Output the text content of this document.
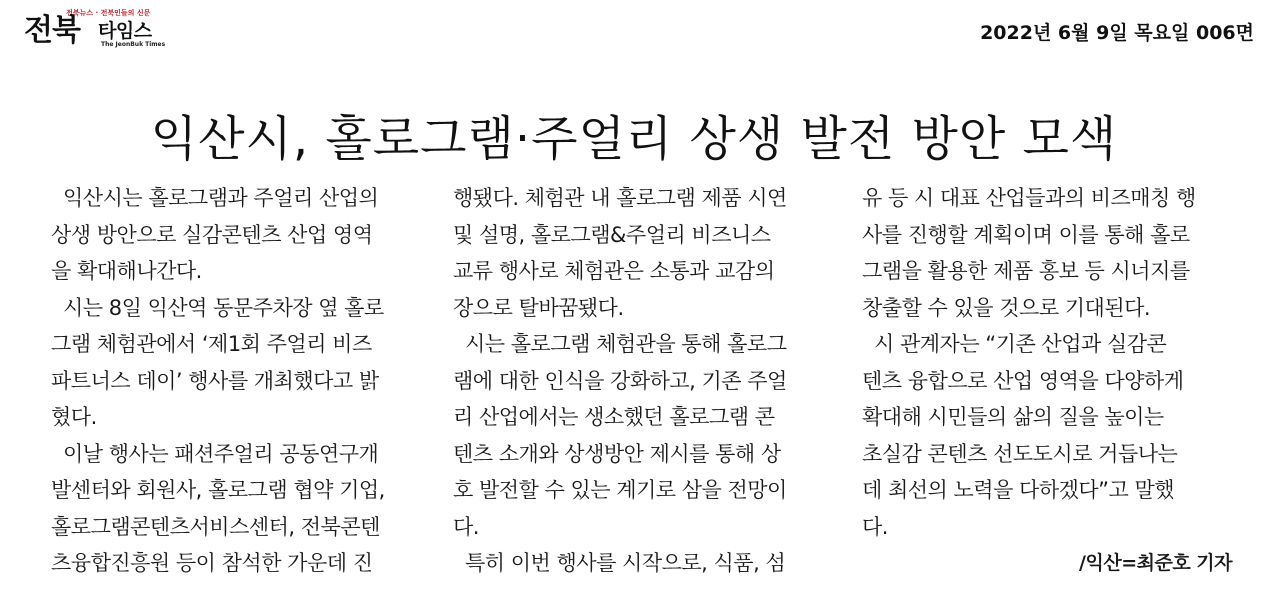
전북뉴스 · 전북인들의 신문
전북 타임스
The JeonBuk Times
2022년 6월 9일 목요일 006면
익산시, 홀로그램·주얼리 상생 발전 방안 모색
익산시는 홀로그램과 주얼리 산업의
상생 방안으로 실감콘텐츠 산업 영역
을 확대해나간다.
시는 8일 익산역 동문주차장 옆 홀로
그램 체험관에서 ‘제1회 주얼리 비즈
파트너스 데이’ 행사를 개최했다고 밝
혔다.
이날 행사는 패션주얼리 공동연구개
발센터와 회원사, 홀로그램 협약 기업,
홀로그램콘텐츠서비스센터, 전북콘텐
츠융합진흥원 등이 참석한 가운데 진
행됐다. 체험관 내 홀로그램 제품 시연
및 설명, 홀로그램&주얼리 비즈니스
교류 행사로 체험관은 소통과 교감의
장으로 탈바꿈됐다.
시는 홀로그램 체험관을 통해 홀로그
램에 대한 인식을 강화하고, 기존 주얼
리 산업에서는 생소했던 홀로그램 콘
텐츠 소개와 상생방안 제시를 통해 상
호 발전할 수 있는 계기로 삼을 전망이
다.
특히 이번 행사를 시작으로, 식품, 섬
유 등 시 대표 산업들과의 비즈매칭 행
사를 진행할 계획이며 이를 통해 홀로
그램을 활용한 제품 홍보 등 시너지를
창출할 수 있을 것으로 기대된다.
시 관계자는 “기존 산업과 실감콘
텐츠 융합으로 산업 영역을 다양하게
확대해 시민들의 삶의 질을 높이는
초실감 콘텐츠 선도도시로 거듭나는
데 최선의 노력을 다하겠다”고 말했
다.
/익산=최준호 기자
